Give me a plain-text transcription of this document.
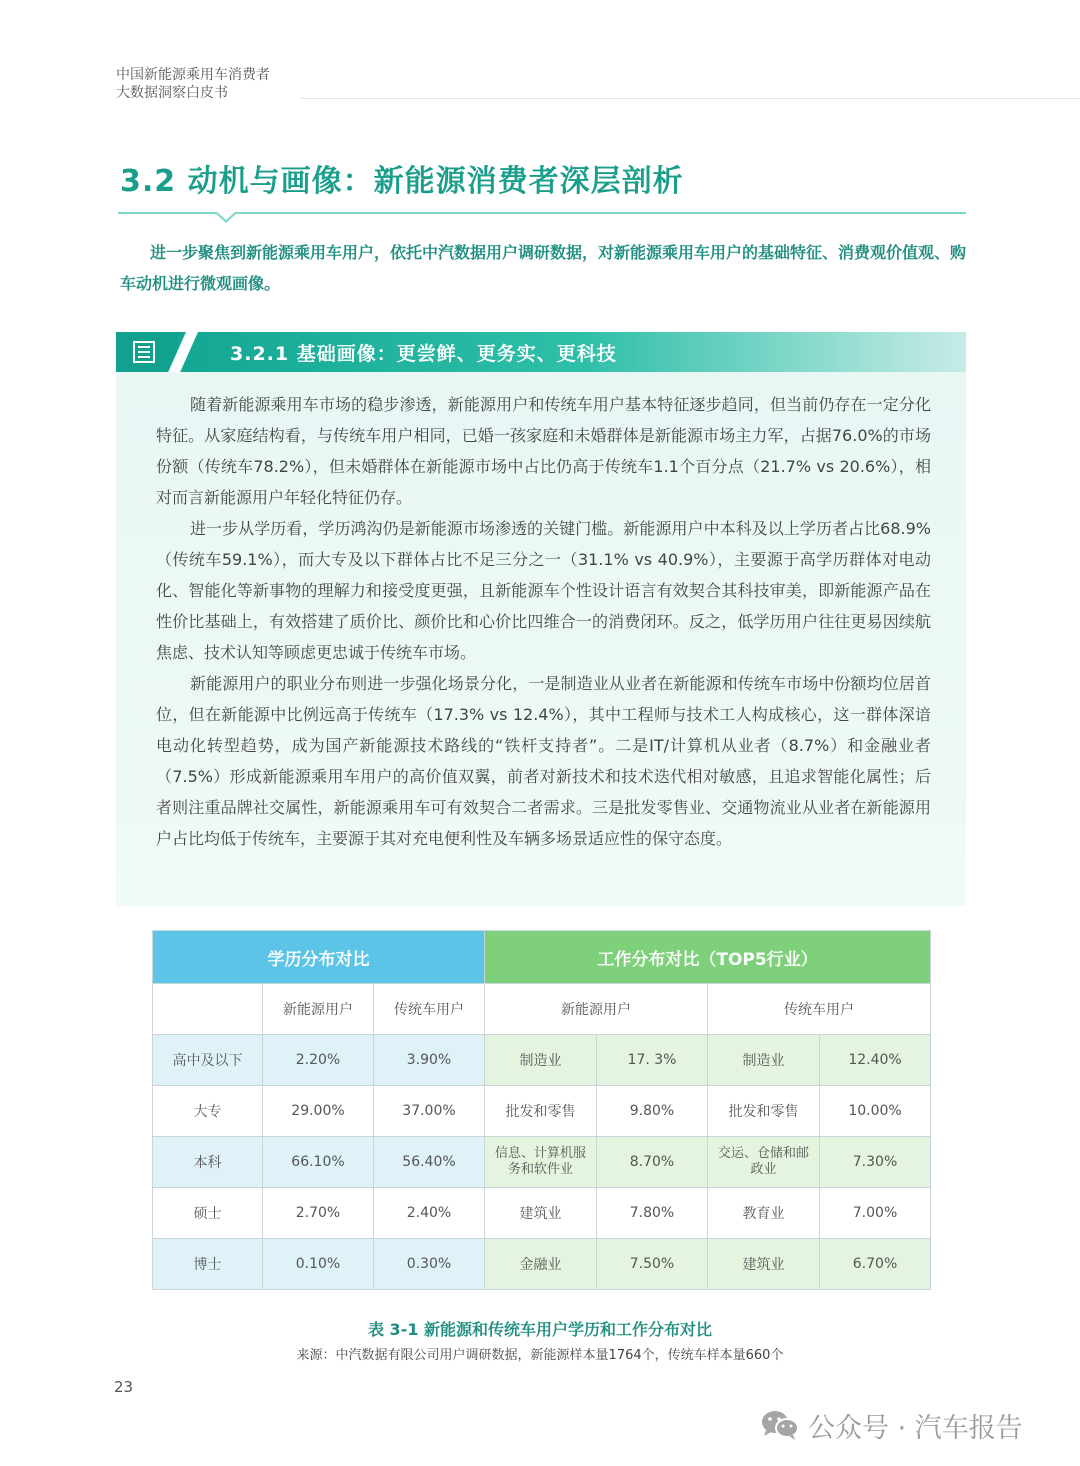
中国新能源乘用车消费者
大数据洞察白皮书
3.2 动机与画像：新能源消费者深层剖析
进一步聚焦到新能源乘用车用户，依托中汽数据用户调研数据，对新能源乘用车用户的基础特征、消费观价值观、购车动机进行微观画像。
3.2.1 基础画像：更尝鲜、更务实、更科技

随着新能源乘用车市场的稳步渗透，新能源用户和传统车用户基本特征逐步趋同，但当前仍存在一定分化特征。从家庭结构看，与传统车用户相同，已婚一孩家庭和未婚群体是新能源市场主力军，占据76.0%的市场份额（传统车78.2%），但未婚群体在新能源市场中占比仍高于传统车1.1个百分点（21.7% vs 20.6%），相对而言新能源用户年轻化特征仍存。

进一步从学历看，学历鸿沟仍是新能源市场渗透的关键门槛。新能源用户中本科及以上学历者占比68.9%（传统车59.1%），而大专及以下群体占比不足三分之一（31.1% vs 40.9%），主要源于高学历群体对电动化、智能化等新事物的理解力和接受度更强，且新能源车个性设计语言有效契合其科技审美，即新能源产品在性价比基础上，有效搭建了质价比、颜价比和心价比四维合一的消费闭环。反之，低学历用户往往更易因续航焦虑、技术认知等顾虑更忠诚于传统车市场。

新能源用户的职业分布则进一步强化场景分化，一是制造业从业者在新能源和传统车市场中份额均位居首位，但在新能源中比例远高于传统车（17.3% vs 12.4%），其中工程师与技术工人构成核心，这一群体深谙电动化转型趋势，成为国产新能源技术路线的“铁杆支持者”。二是IT/计算机从业者（8.7%）和金融业者（7.5%）形成新能源乘用车用户的高价值双翼，前者对新技术和技术迭代相对敏感，且追求智能化属性；后者则注重品牌社交属性，新能源乘用车可有效契合二者需求。三是批发零售业、交通物流业从业者在新能源用户占比均低于传统车，主要源于其对充电便利性及车辆多场景适应性的保守态度。

学历分布对比			工作分布对比（TOP5行业）			
	新能源用户	传统车用户	新能源用户		传统车用户	
高中及以下	2.20%	3.90%	制造业	17. 3%	制造业	12.40%
大专	29.00%	37.00%	批发和零售	9.80%	批发和零售	10.00%
本科	66.10%	56.40%	信息、计算机服务和软件业	8.70%	交运、仓储和邮政业	7.30%
硕士	2.70%	2.40%	建筑业	7.80%	教育业	7.00%
博士	0.10%	0.30%	金融业	7.50%	建筑业	6.70%
表 3-1 新能源和传统车用户学历和工作分布对比
来源：中汽数据有限公司用户调研数据，新能源样本量1764个，传统车样本量660个
23
公众号 · 汽车报告
